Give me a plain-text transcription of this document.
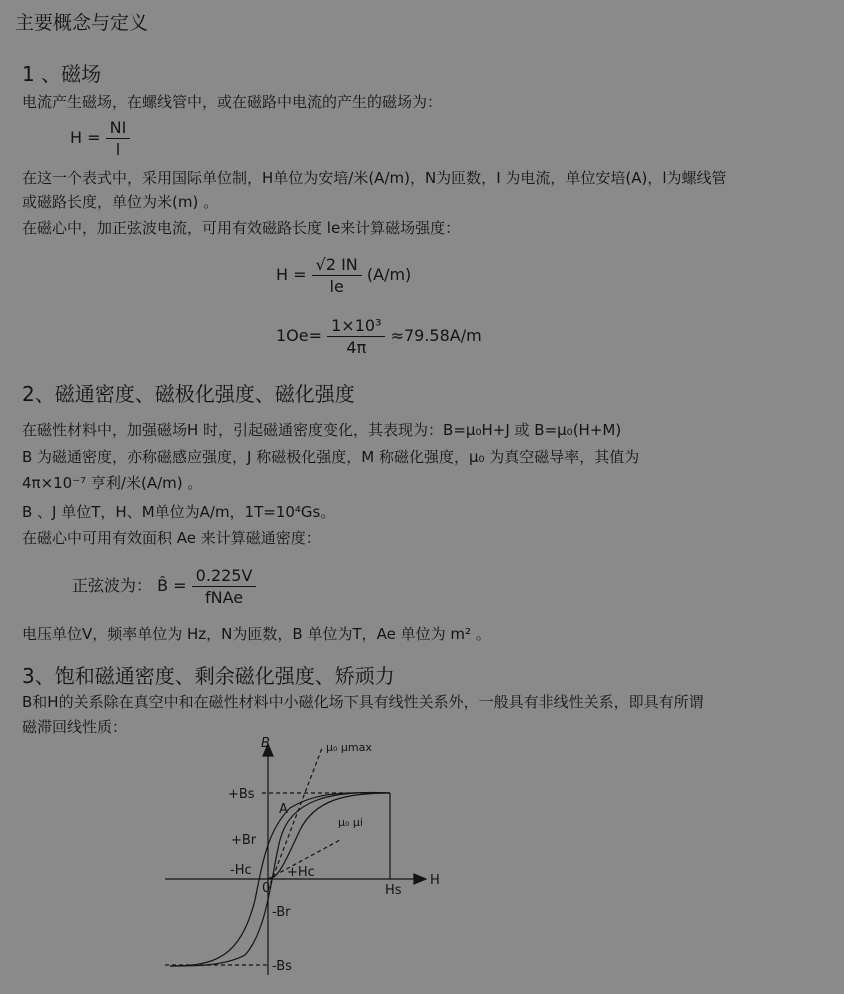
主要概念与定义
1 、磁场
电流产生磁场，在螺线管中，或在磁路中电流的产生的磁场为：
$H = \frac{NI}{l}$
在这一个表式中，采用国际单位制，H单位为安培/米(A/m)，N为匝数，I 为电流，单位安培(A)，l为螺线管
或磁路长度，单位为米(m) 。
在磁心中，加正弦波电流，可用有效磁路长度 le来计算磁场强度：
$H = \frac{√2 IN}{le} (A/m)$
$1Oe= \frac{\text{1×10³}}{4\pi} \approx 79.58A/m$
2、磁通密度、磁极化强度、磁化强度
在磁性材料中，加强磁场H 时，引起磁通密度变化，其表现为：B=μ₀H+J 或 B=μ₀(H+M)
B 为磁通密度，亦称磁感应强度，J 称磁极化强度，M 称磁化强度，μ₀ 为真空磁导率，其值为
4π×10⁻⁷ 亨利/米(A/m) 。
B 、J 单位T，H、M单位为A/m，1T=10⁴Gs。
在磁心中可用有效面积 Ae 来计算磁通密度：
正弦波为： B̂ = $\frac{0.225V}{\text{fNAe}}$
电压单位V，频率单位为 Hz，N为匝数，B 单位为T，Ae 单位为 m² 。
3、饱和磁通密度、剩余磁化强度、矫顽力
B和H的关系除在真空中和在磁性材料中小磁化场下具有线性关系外，一般具有非线性关系，即具有所谓
磁滞回线性质：
B
H
μ₀ μmax
μ₀ μi
+Bs
A
+Br
-Hc	+Hc
0	Hs
-Br
-Bs
